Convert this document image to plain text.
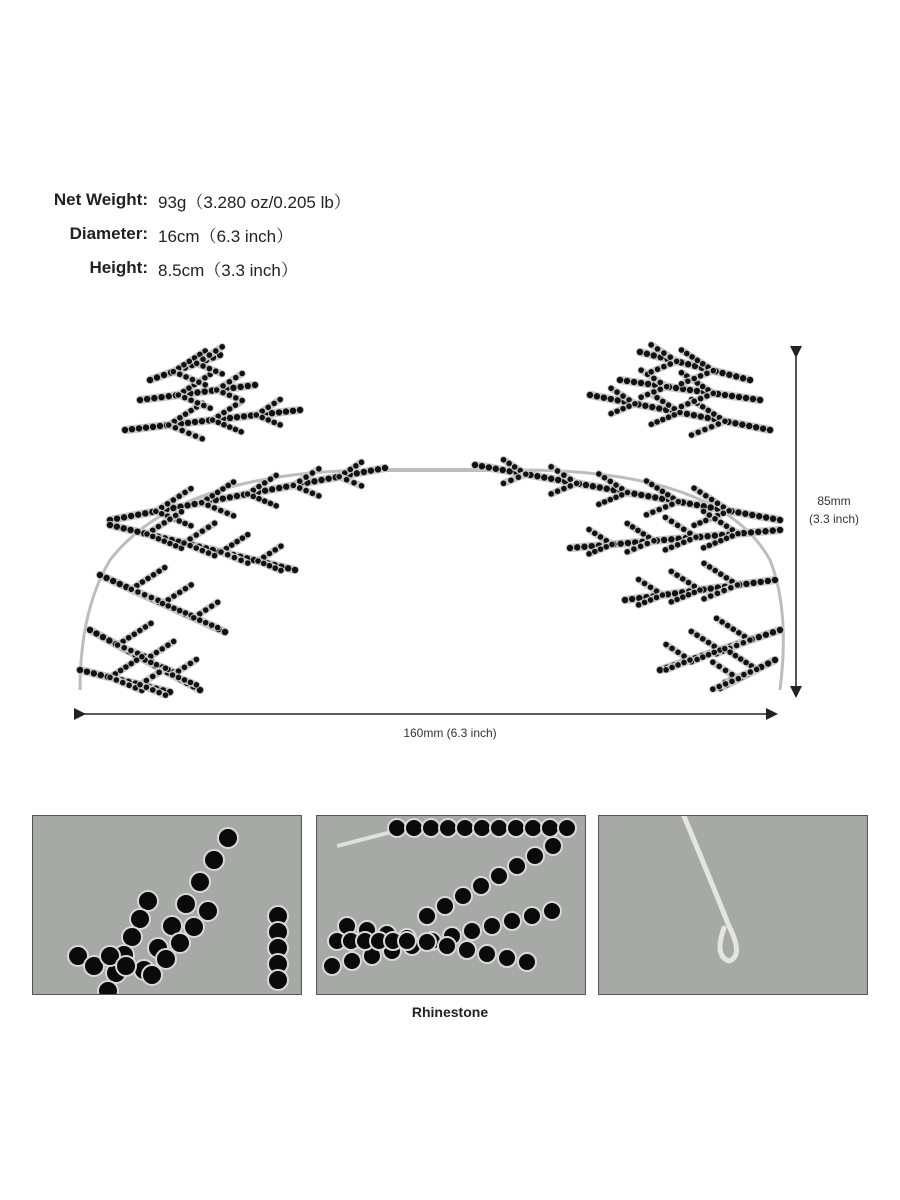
Net Weight: 93g（3.280 oz/0.205 lb）
Diameter: 16cm（6.3 inch）
Height: 8.5cm（3.3 inch）
85mm
(3.3 inch)
160mm (6.3 inch)
Rhinestone
